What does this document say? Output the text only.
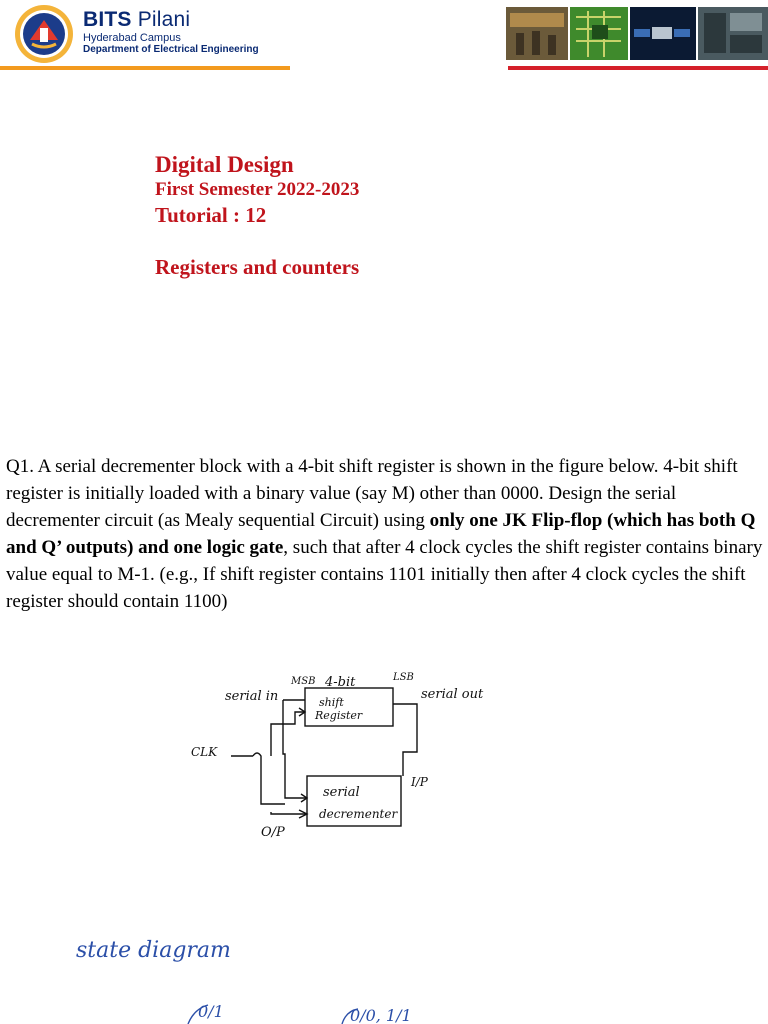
BITS Pilani
Hyderabad Campus
Department of Electrical Engineering
Digital Design
First Semester 2022-2023
Tutorial : 12
Registers and counters
Q1. A serial decrementer block with a 4-bit shift register is shown in the figure below. 4-bit shift register is initially loaded with a binary value (say M) other than 0000. Design the serial decrementer circuit (as Mealy sequential Circuit) using only one JK Flip-flop (which has both Q and Q’ outputs) and one logic gate, such that after 4 clock cycles the shift register contains binary value equal to M-1. (e.g., If shift register contains 1101 initially then after 4 clock cycles the shift register should contain 1100)
serial in
MSB 4-bit	LSB
shift
Register
serial out
CLK
I/P
serial
decrementer
O/P
state diagram
0/1	0/0, 1/1
